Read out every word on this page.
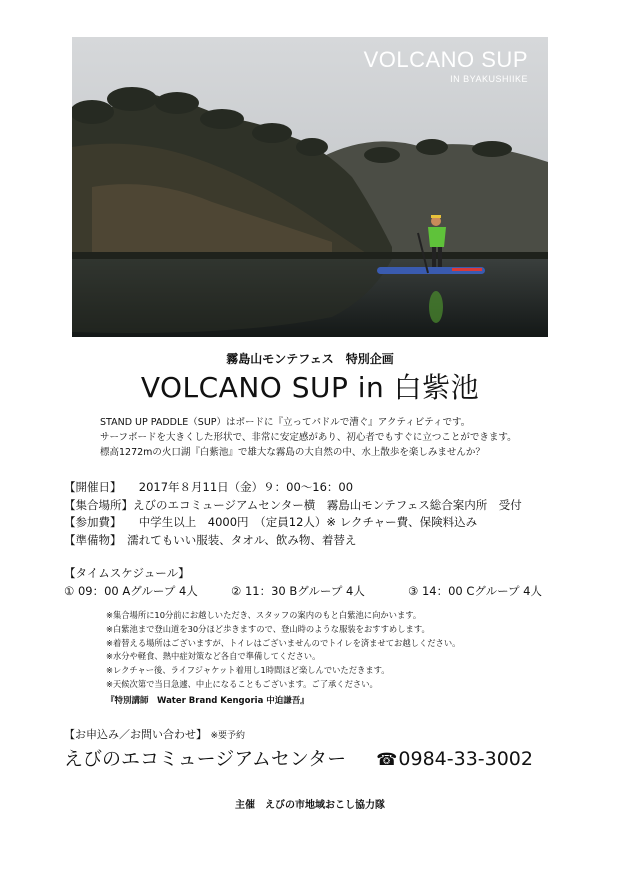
VOLCANO SUP
IN BYAKUSHIIKE
霧島山モンテフェス　特別企画
VOLCANO SUP in 白紫池
STAND UP PADDLE（SUP）はボードに『立ってパドルで漕ぐ』アクティビティです。
サーフボードを大きくした形状で、非常に安定感があり、初心者でもすぐに立つことができます。
標高1272mの火口湖『白紫池』で雄大な霧島の大自然の中、水上散歩を楽しみませんか？
【開催日】　　2017年８月11日（金）９：00〜16：00
【集合場所】えびのエコミュージアムセンター横　霧島山モンテフェス総合案内所　受付
【参加費】　　中学生以上　4000円　（定員12人）※ レクチャー費、保険料込み
【準備物】　濡れてもいい服装、タオル、飲み物、着替え
【タイムスケジュール】
① 09：00 Aグループ 4人	② 11：30 Bグループ 4人	③ 14：00 Cグループ 4人
※集合場所に10分前にお越しいただき、スタッフの案内のもと白紫池に向かいます。
※白紫池まで登山道を30分ほど歩きますので、登山時のような服装をおすすめします。
※着替える場所はございますが、トイレはございませんのでトイレを済ませてお越しください。
※水分や軽食、熱中症対策など各自で準備してください。
※レクチャー後、ライフジャケット着用し1時間ほど楽しんでいただきます。
※天候次第で当日急遽、中止になることもございます。ご了承ください。
『特別講師　Water Brand Kengoria 中迫謙吾』
【お申込み／お問い合わせ】 ※要予約
えびのエコミュージアムセンター ☎0984-33-3002
主催　えびの市地域おこし協力隊
